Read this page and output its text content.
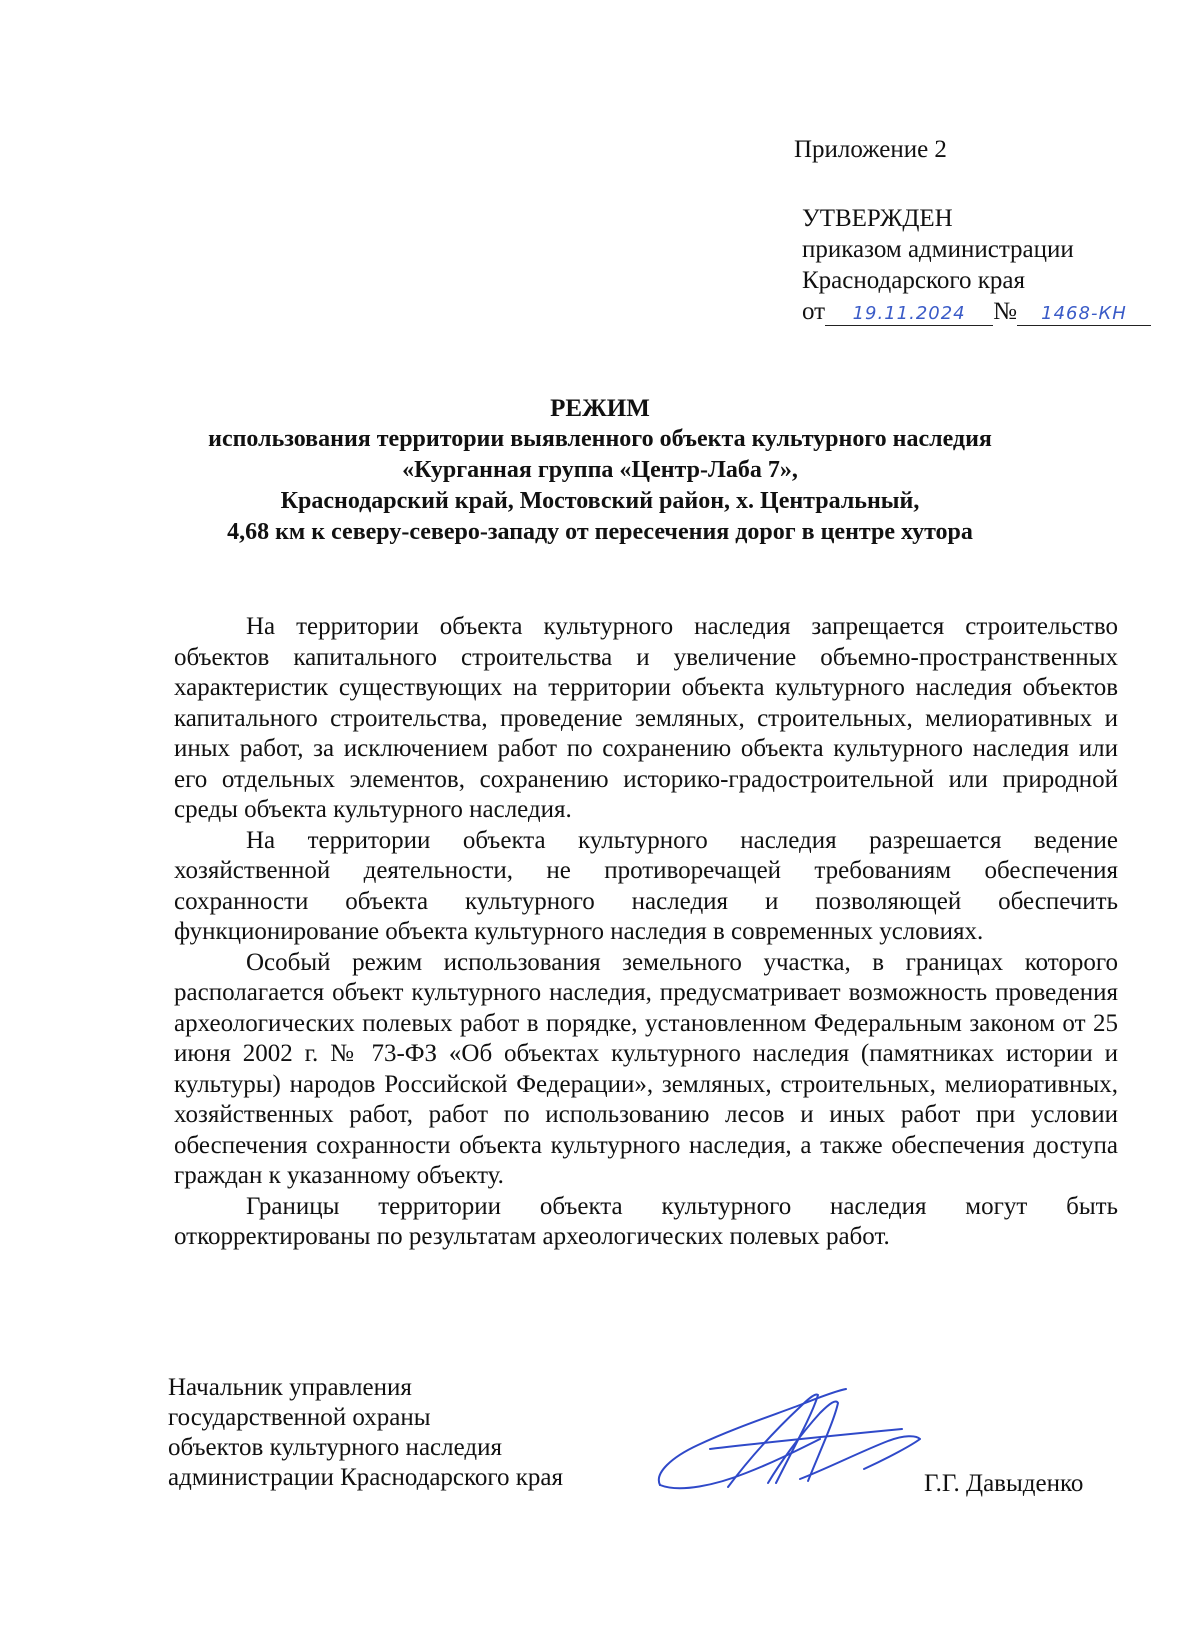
Приложение 2
УТВЕРЖДЕН
приказом администрации
Краснодарского края
от 19.11.2024 № 1468-КН
РЕЖИМ
использования территории выявленного объекта культурного наследия
«Курганная группа «Центр-Лаба 7»,
Краснодарский край, Мостовский район, х. Центральный,
4,68 км к северу-северо-западу от пересечения дорог в центре хутора

На территории объекта культурного наследия запрещается строительство объектов капитального строительства и увеличение объемно-пространственных характеристик существующих на территории объекта культурного наследия объектов капитального строительства, проведение земляных, строительных, мелиоративных и иных работ, за исключением работ по сохранению объекта культурного наследия или его отдельных элементов, сохранению историко-градостроительной или природной среды объекта культурного наследия.

На территории объекта культурного наследия разрешается ведение хозяйственной деятельности, не противоречащей требованиям обеспечения сохранности объекта культурного наследия и позволяющей обеспечить функционирование объекта культурного наследия в современных условиях.

Особый режим использования земельного участка, в границах которого располагается объект культурного наследия, предусматривает возможность проведения археологических полевых работ в порядке, установленном Федеральным законом от 25 июня 2002 г. № 73-ФЗ «Об объектах культурного наследия (памятниках истории и культуры) народов Российской Федерации», земляных, строительных, мелиоративных, хозяйственных работ, работ по использованию лесов и иных работ при условии обеспечения сохранности объекта культурного наследия, а также обеспечения доступа граждан к указанному объекту.

Границы территории объекта культурного наследия могут быть откорректированы по результатам археологических полевых работ.

Начальник управления
государственной охраны
объектов культурного наследия
администрации Краснодарского края	Г.Г. Давыденко
